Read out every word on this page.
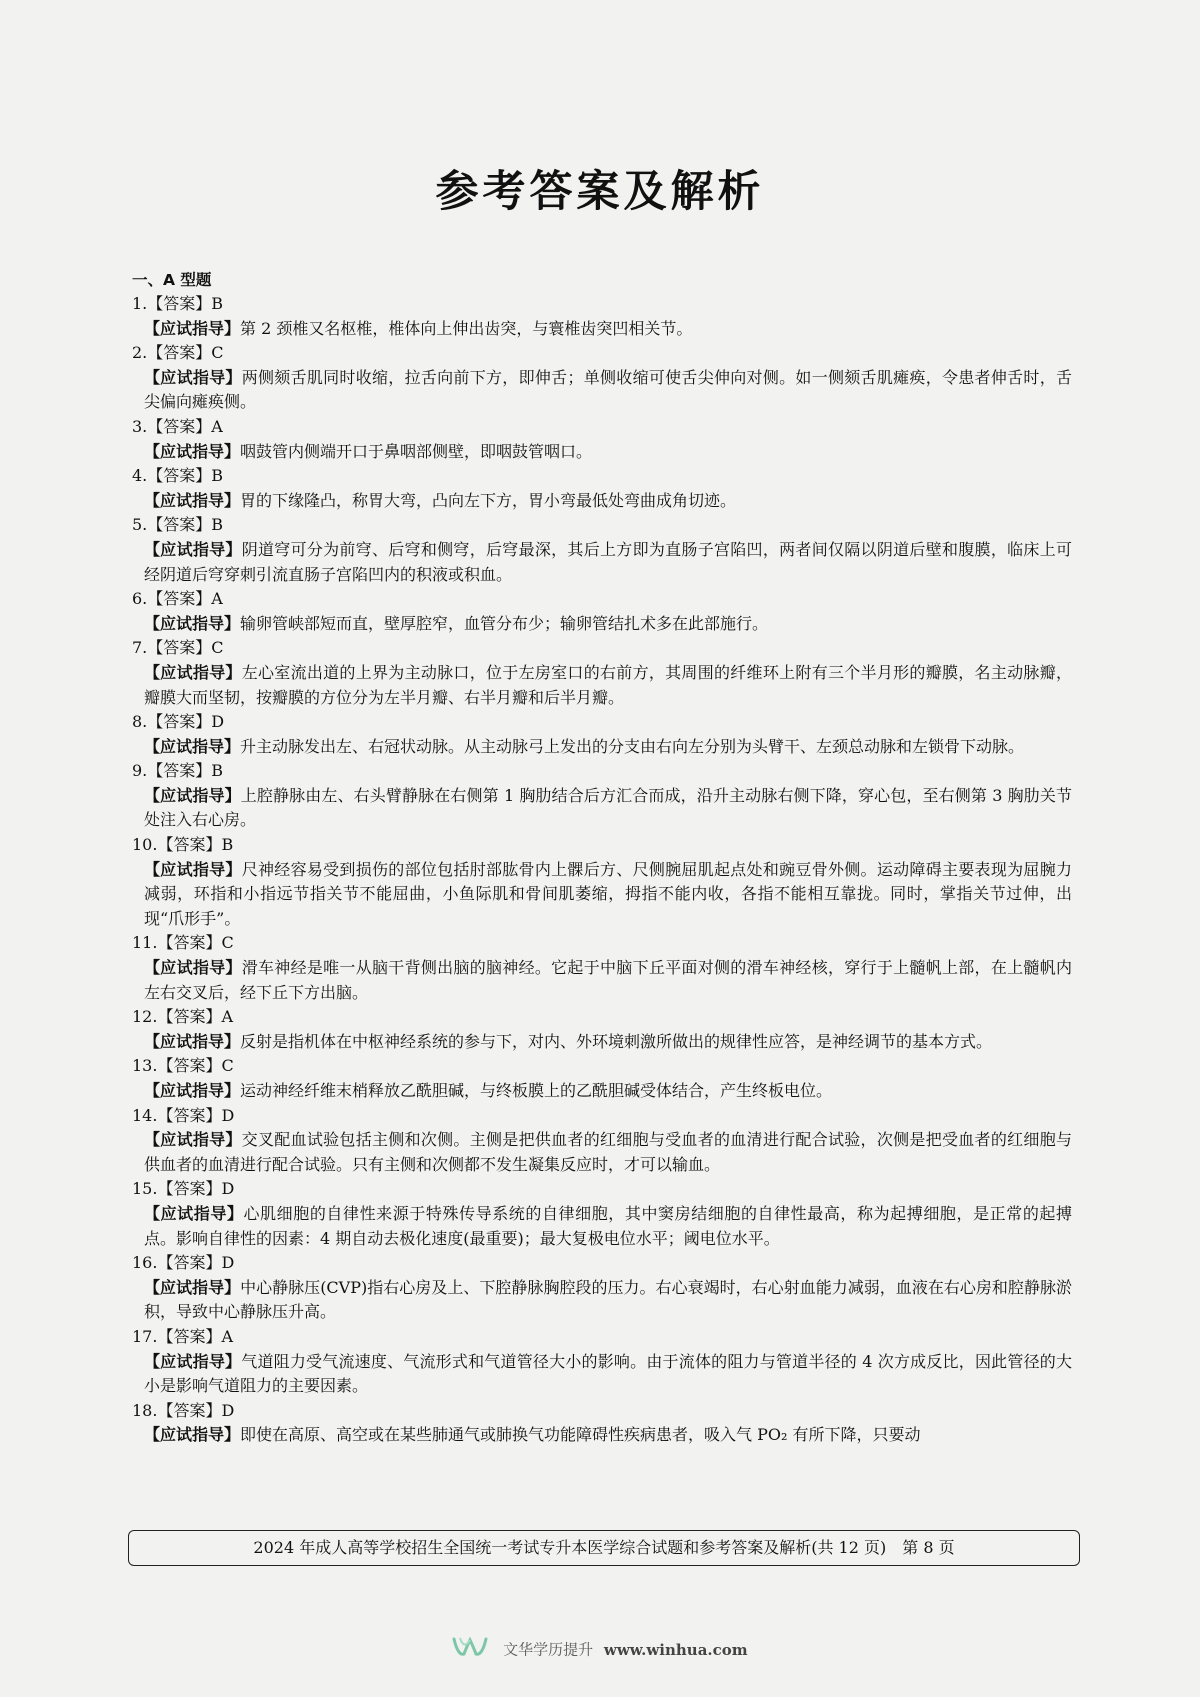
参考答案及解析
一、A 型题
1.【答案】B
【应试指导】第 2 颈椎又名枢椎，椎体向上伸出齿突，与寰椎齿突凹相关节。
2.【答案】C
【应试指导】两侧颏舌肌同时收缩，拉舌向前下方，即伸舌；单侧收缩可使舌尖伸向对侧。如一侧颏舌肌瘫痪，令患者伸舌时，舌尖偏向瘫痪侧。
3.【答案】A
【应试指导】咽鼓管内侧端开口于鼻咽部侧壁，即咽鼓管咽口。
4.【答案】B
【应试指导】胃的下缘隆凸，称胃大弯，凸向左下方，胃小弯最低处弯曲成角切迹。
5.【答案】B
【应试指导】阴道穹可分为前穹、后穹和侧穹，后穹最深，其后上方即为直肠子宫陷凹，两者间仅隔以阴道后壁和腹膜，临床上可经阴道后穹穿刺引流直肠子宫陷凹内的积液或积血。
6.【答案】A
【应试指导】输卵管峡部短而直，壁厚腔窄，血管分布少；输卵管结扎术多在此部施行。
7.【答案】C
【应试指导】左心室流出道的上界为主动脉口，位于左房室口的右前方，其周围的纤维环上附有三个半月形的瓣膜，名主动脉瓣，瓣膜大而坚韧，按瓣膜的方位分为左半月瓣、右半月瓣和后半月瓣。
8.【答案】D
【应试指导】升主动脉发出左、右冠状动脉。从主动脉弓上发出的分支由右向左分别为头臂干、左颈总动脉和左锁骨下动脉。
9.【答案】B
【应试指导】上腔静脉由左、右头臂静脉在右侧第 1 胸肋结合后方汇合而成，沿升主动脉右侧下降，穿心包，至右侧第 3 胸肋关节处注入右心房。
10.【答案】B
【应试指导】尺神经容易受到损伤的部位包括肘部肱骨内上髁后方、尺侧腕屈肌起点处和豌豆骨外侧。运动障碍主要表现为屈腕力减弱，环指和小指远节指关节不能屈曲，小鱼际肌和骨间肌萎缩，拇指不能内收，各指不能相互靠拢。同时，掌指关节过伸，出现“爪形手”。
11.【答案】C
【应试指导】滑车神经是唯一从脑干背侧出脑的脑神经。它起于中脑下丘平面对侧的滑车神经核，穿行于上髓帆上部，在上髓帆内左右交叉后，经下丘下方出脑。
12.【答案】A
【应试指导】反射是指机体在中枢神经系统的参与下，对内、外环境刺激所做出的规律性应答，是神经调节的基本方式。
13.【答案】C
【应试指导】运动神经纤维末梢释放乙酰胆碱，与终板膜上的乙酰胆碱受体结合，产生终板电位。
14.【答案】D
【应试指导】交叉配血试验包括主侧和次侧。主侧是把供血者的红细胞与受血者的血清进行配合试验，次侧是把受血者的红细胞与供血者的血清进行配合试验。只有主侧和次侧都不发生凝集反应时，才可以输血。
15.【答案】D
【应试指导】心肌细胞的自律性来源于特殊传导系统的自律细胞，其中窦房结细胞的自律性最高，称为起搏细胞，是正常的起搏点。影响自律性的因素：4 期自动去极化速度(最重要)；最大复极电位水平；阈电位水平。
16.【答案】D
【应试指导】中心静脉压(CVP)指右心房及上、下腔静脉胸腔段的压力。右心衰竭时，右心射血能力减弱，血液在右心房和腔静脉淤积，导致中心静脉压升高。
17.【答案】A
【应试指导】气道阻力受气流速度、气流形式和气道管径大小的影响。由于流体的阻力与管道半径的 4 次方成反比，因此管径的大小是影响气道阻力的主要因素。
18.【答案】D
【应试指导】即使在高原、高空或在某些肺通气或肺换气功能障碍性疾病患者，吸入气 PO₂ 有所下降，只要动
2024 年成人高等学校招生全国统一考试专升本医学综合试题和参考答案及解析(共 12 页)　第 8 页
文华学历提升 www.winhua.com
